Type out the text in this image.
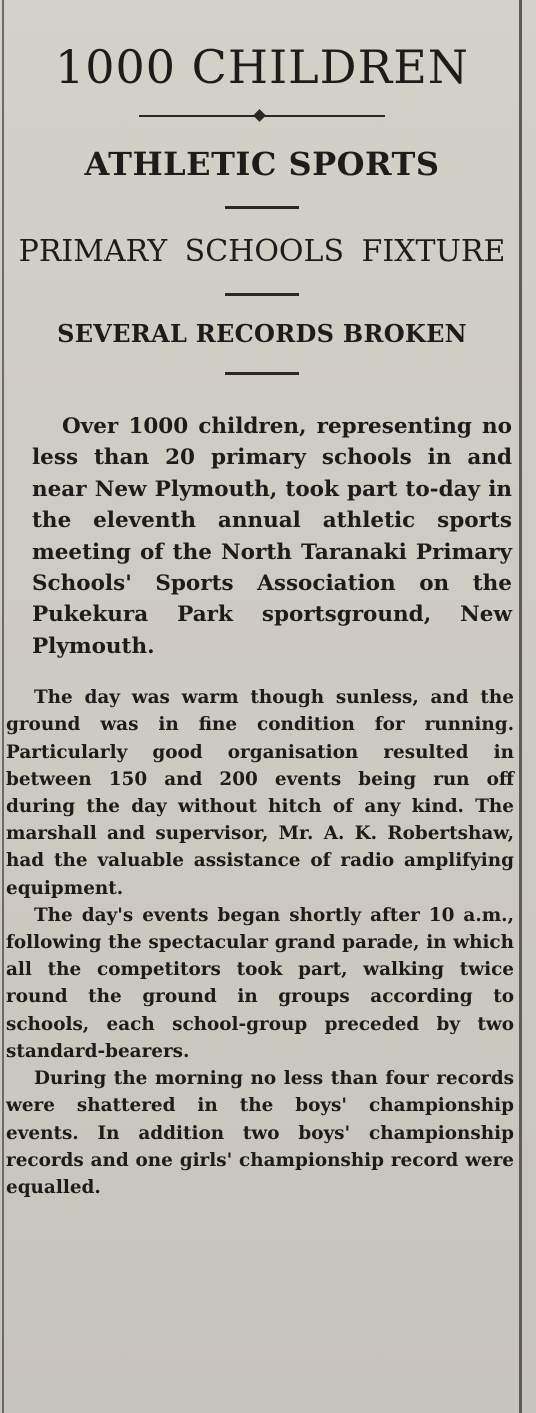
1000 CHILDREN
ATHLETIC SPORTS
PRIMARY SCHOOLS FIXTURE
SEVERAL RECORDS BROKEN

Over 1000 children, representing no less than 20 primary schools in and near New Plymouth, took part to-day in the eleventh annual athletic sports meeting of the North Taranaki Primary Schools' Sports Association on the Pukekura Park sportsground, New Plymouth.

The day was warm though sunless, and the ground was in fine condition for running. Particularly good organisation resulted in between 150 and 200 events being run off during the day without hitch of any kind. The marshall and supervisor, Mr. A. K. Robertshaw, had the valuable assistance of radio amplifying equipment.

The day's events began shortly after 10 a.m., following the spectacular grand parade, in which all the competitors took part, walking twice round the ground in groups according to schools, each school-group preceded by two standard-bearers.

During the morning no less than four records were shattered in the boys' championship events. In addition two boys' championship records and one girls' championship record were equalled.
